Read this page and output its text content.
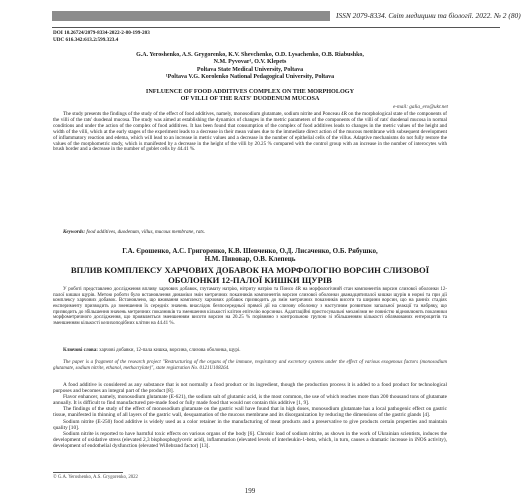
ISSN 2079-8334. Світ медицини та біології. 2022. № 2 (80)
DOI 10.26724/2079-8334-2022-2-80-199-203
UDC 616.342:613.2:599.323.4
G.A. Yeroshenko, A.S. Grygorenko, K.V. Shevchenko, O.D. Lysachenko, O.B. Riabushko,
N.M. Pyvovar¹, O.V. Klepets
Poltava State Medical University, Poltava
¹Poltava V.G. Korolenko National Pedagogical University, Poltava
INFLUENCE OF FOOD ADDITIVES COMPLEX ON THE MORPHOLOGY
OF VILLI OF THE RATS' DUODENUM MUCOSA
e-mail: galia_ero@ukr.net
The study presents the findings of the study of the effect of food additives, namely, monosodium glutamate, sodium nitrite and Ponceau 4R on the morphological state of the components of the villi of the rats' duodenal mucosa. The study was aimed at establishing the dynamics of changes in the metric parameters of the components of the villi of rats' duodenal mucosa in normal conditions and under the action of the complex of food additives. It has been found that consumption of the complex of food additives leads to changes in the metric values of the height and width of the villi, which at the early stages of the experiment leads to a decrease in their mean values due to the immediate direct action of the mucous membrane with subsequent development of inflammatory reaction and edema, which will lead to an increase in metric values and a decrease in the number of epithelial cells of the villus. Adaptive mechanisms do not fully restore the values of the morphometric study, which is manifested by a decrease in the height of the villi by 20.25 % compared with the control group with an increase in the number of interocytes with brush border and a decrease in the number of goblet cells by 44.41 %.
Keywords: food additives, duodenum, villus, mucous membrane, rats.
Г.А. Єрошенко, А.С. Григоренко, К.В. Шевченко, О.Д. Лисаченко, О.Б. Рябушко,
Н.М. Пивовар, О.В. Клепець
ВПЛИВ КОМПЛЕКСУ ХАРЧОВИХ ДОБАВОК НА МОРФОЛОГІЮ ВОРСИН СЛИЗОВОЇ
ОБОЛОНКИ 12-ПАЛОЇ КИШКИ ЩУРІВ
У роботі представлено дослідження впливу харчових добавок, глутамату натрію, нітриту натрію та Понсо 4R на морфологічний стан компонентів ворсин слизової оболонки 12-палої кишки щурів. Метою роботи було встановлення динаміки змін метричних показників компонентів ворсин слизової оболонки дванадцятипалої кишки щурів в нормі та при дії комплексу харчових добавок. Встановлено, що вживання комплексу харчових добавок призводить до змін метричних показників висоти та ширини ворсин, що на ранніх стадіях експерименту призводить до зменшення їх середніх значень внаслідок безпосередньої прямої дії на слизову оболонку з наступним розвитком запальної реакції та набряку, що призводить до збільшення значень метричних показників та зменшення кількості клітин епітелію ворсинки. Адаптаційні пристосувальні механізми не повністю відновлюють показники морфометричного дослідження, що проявляється зменшенням висоти ворсин на 20.25 % порівняно з контрольною групою зі збільшенням кількості облямованих ентероцитів та зменшенням кількості келихоподібних клітин на 44.41 %.
Ключові слова: харчові добавки, 12-пала кишка, ворсина, слизова оболонка, щурі.
The paper is a fragment of the research project "Restructuring of the organs of the immune, respiratory and excretory systems under the effect of various exogenous factors (monosodium glutamate, sodium nitrite, ethanol, methacrylate)", state registration No. 0121U108264.

A food additive is considered as any substance that is not normally a food product or its ingredient, though the production process it is added to a food product for technological purposes and becomes an integral part of the product [8].

Flavor enhancer, namely, monosodium glutamate (E-621), the sodium salt of glutamic acid, is the most common, the use of which reaches more than 200 thousand tons of glutamate annually. It is difficult to find manufactured pre-made food or fully made food that would not contain this additive [1, 9].

The findings of the study of the effect of monosodium glutamate on the gastric wall have found that in high doses, monosodium glutamate has a local pathogenic effect on gastric tissue, manifested in thinning of all layers of the gastric wall, desquamation of the mucous membrane and its disorganization by reducing the dimensions of the gastric glands [4].

Sodium nitrite (E-250) food additive is widely used as a color retainer in the manufacturing of meat products and a preservative to give products certain properties and maintain quality [10].

Sodium nitrite is reported to have harmful toxic effects on various organs of the body [6]. Chronic load of sodium nitrite, as shown in the work of Ukrainian scientists, induces the development of oxidative stress (elevated 2,3 bisphosphoglyceric acid), inflammation (elevated levels of interleukin-1-beta, which, in turn, causes a dramatic increase in iNOS activity), development of endothelial dysfunction (elevated Willebrand factor) [13].

© G.A. Yeroshenko, A.S. Grygorenko, 2022
199
